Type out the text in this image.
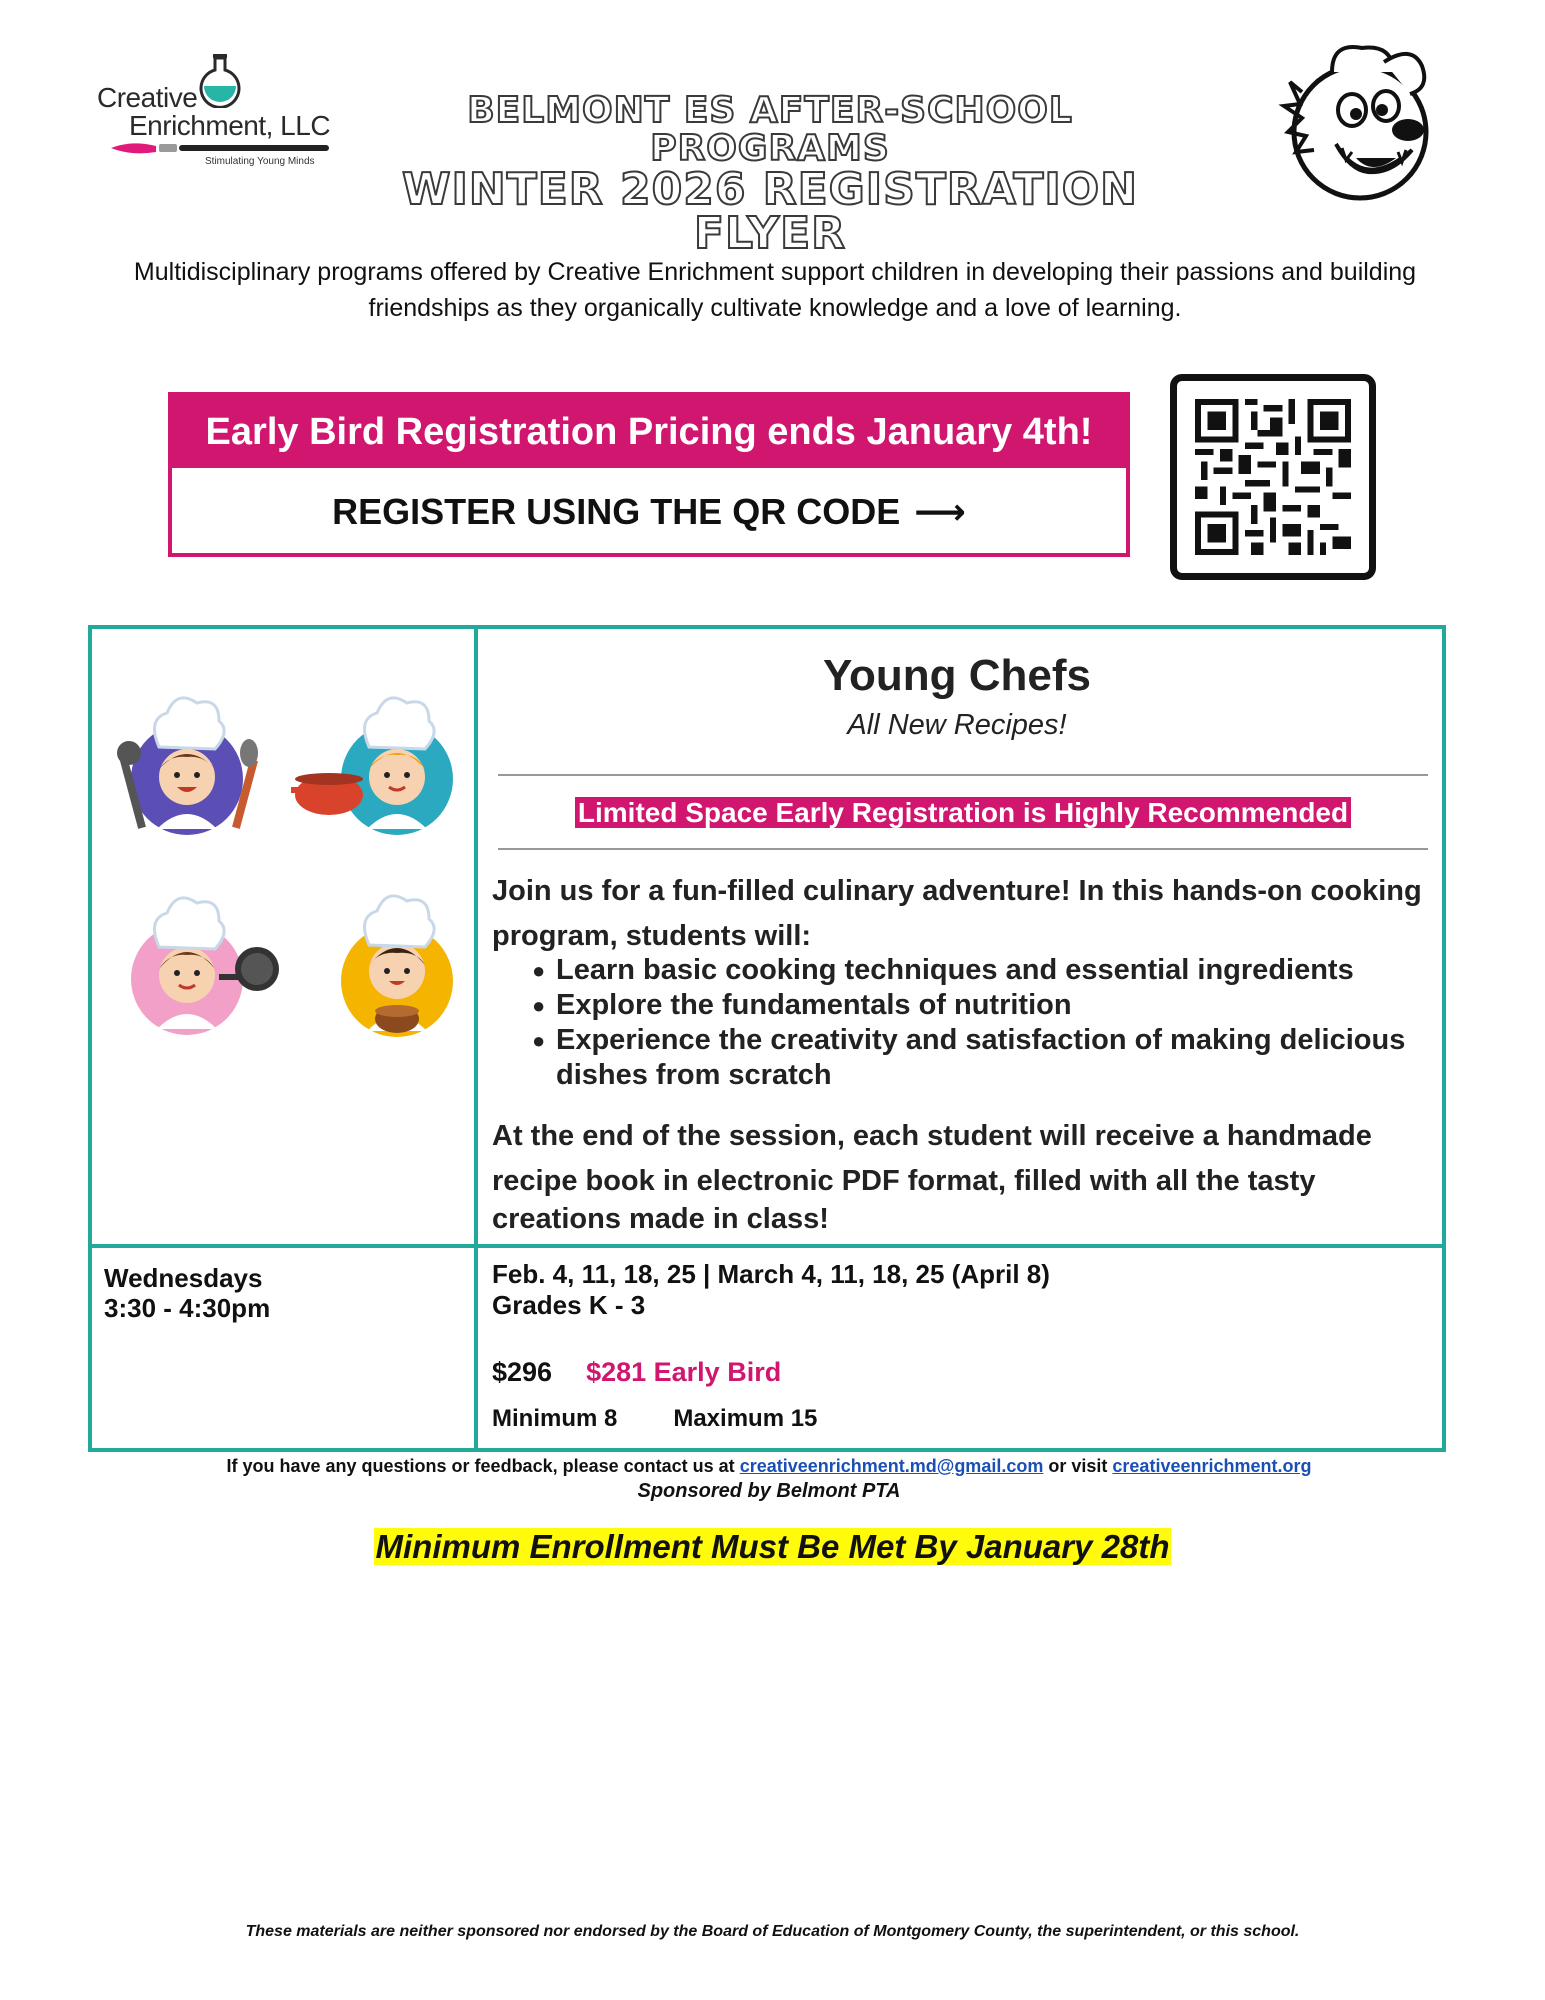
Creative
Enrichment, LLC
Stimulating Young Minds
BELMONT ES AFTER-SCHOOL PROGRAMS
WINTER 2026 REGISTRATION FLYER
Multidisciplinary programs offered by Creative Enrichment support children in developing their passions and building friendships as they organically cultivate knowledge and a love of learning.
Early Bird Registration Pricing ends January 4th!
REGISTER USING THE QR CODE ⟶
Young Chefs
All New Recipes!
Limited Space Early Registration is Highly Recommended
Join us for a fun-filled culinary adventure! In this hands-on cooking program, students will:
● Learn basic cooking techniques and essential ingredients
● Explore the fundamentals of nutrition
● Experience the creativity and satisfaction of making delicious dishes from scratch
At the end of the session, each student will receive a handmade recipe book in electronic PDF format, filled with all the tasty
creations made in class!
Wednesdays
3:30 - 4:30pm
Feb. 4, 11, 18, 25 | March 4, 11, 18, 25 (April 8)
Grades K - 3
$296 $281 Early Bird
Minimum 8 Maximum 15
If you have any questions or feedback, please contact us at creativeenrichment.md@gmail.com or visit creativeenrichment.org
Sponsored by Belmont PTA
Minimum Enrollment Must Be Met By January 28th
These materials are neither sponsored nor endorsed by the Board of Education of Montgomery County, the superintendent, or this school.
